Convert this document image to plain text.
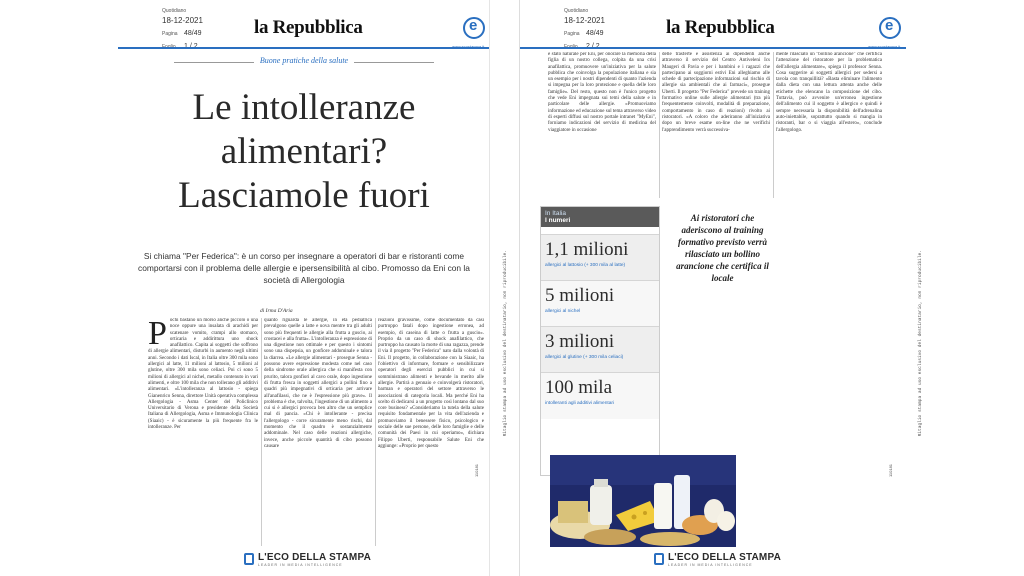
Quotidiano
18-12-2021
Pagina 48/49	la Repubblica
e
Buone pratiche della salute
Le intolleranze
alimentari?
Lasciamole fuori
Si chiama "Per Federica": è un corso per insegnare a operatori di bar e ristoranti come comportarsi con il problema delle allergie e ipersensibilità al cibo. Promosso da Eni con la società di Allergologia
di Irma D'Aria
Pochi bastano un morso anche piccolo o una noce oppure una insalata di arachidi per scatenare vomito, crampi allo stomaco, orticaria e addirittura uno shock anafilattico. Capita ai soggetti che soffrono di allergie alimentari, disturbi in aumento negli ultimi anni. Secondo i dati Iscal, in Italia oltre 300 mila sono allergici al latte, 11 milioni al lattosio, 5 milioni al glutine, oltre 300 mila sono celiaci. Poi ci sono 5 milioni di allergici al nichel, metallo contenuto in vari alimenti, e oltre 100 mila che non tollerano gli additivi alimentari. «L'intolleranza al lattosio - spiega Gianenrico Senna, direttore Unità operativa complessa Allergologia - Asma Center del Policlinico Universitario di Verona e presidente della Società Italiana di Allergologia, Asma e Immunologia Clinica (Siaaic) - è sicuramente la più frequente fra le intolleranze. Per
quanto riguarda le allergie, in età pediatrica prevalgono quelle a latte e uova mentre tra gli adulti sono più frequenti le allergie alla frutta a guscio, ai crostacei e alla frutta». L'intolleranza è espressione di una digestione non ottimale e per questo i sintomi sono una dispepsia, un gonfiore addominale e talora la diarrea. «Le allergie alimentari - prosegue Senna - possono avere espressione modesta come nel caso della sindrome orale allergica che si manifesta con prurito, talora gonfiori al cavo orale, dopo ingestione di frutta fresca in soggetti allergici a pollini fino a quadri più impegnativi di orticaria per arrivare all'anafilassi, che ne è l'espressione più grave». Il problema è che, talvolta, l'ingestione di un alimento a cui si è allergici provoca ben altro che un semplice mal di pancia. «Chi è intollerante - precisa l'allergologo - corre sicuramente meno rischi, dal momento che il quadro è sostanzialmente addominale. Nel caso delle reazioni allergiche, invece, anche piccole quantità di cibo possono causare
reazioni gravissime, come documentato da casi purtroppo fatali dopo ingestione erronea, ad esempio, di caseina di latte o frutta a guscio». Proprio da un caso di shock anafilattico, che purtroppo ha causato la morte di una ragazza, prende il via il progetto "Per Federica" nato dalla volontà di Eni. Il progetto, in collaborazione con la Siaaic, ha l'obiettivo di informare, formare e sensibilizzare operatori degli esercizi pubblici in cui si somministrano alimenti e bevande in merito alle allergie. Partirà a gennaio e coinvolgerà ristoratori, barman e operatori del settore attraverso le associazioni di categoria locali. Ma perché Eni ha scelto di dedicarsi a un progetto così lontano dal suo core business? «Consideriamo la tutela della salute requisito fondamentale per la vita dell'azienda e promuoviamo il benessere fisico, psicologico e sociale delle sue persone, delle loro famiglie e delle comunità dei Paesi in cui operiamo», dichiara Filippo Uberti, responsabile Salute Eni che aggiunge: «Proprio per questo
110181
L'ECO DELLA STAMPA
LEADER IN MEDIA INTELLIGENCE
Ritaglio stampa ad uso esclusivo del destinatario, non riproducibile.
Quotidiano
18-12-2021
Pagina 48/49	la Repubblica
e
è stato naturale per Eni, per onorare la memoria della figlia di un nostro collega, colpita da una crisi anafilattica, promuovere un'iniziativa per la salute pubblica che coinvolga la popolazione italiana e sia un esempio per i nostri dipendenti di quanto l'azienda si impegna per la loro protezione e quella delle loro famiglie». Del resto, questo non è l'unico progetto che vede Eni impegnata sui temi della salute e in particolare delle allergie. «Promuoviamo informazione ed educazione sul tema attraverso video di esperti diffusi sul nostro portale intranet "MyEni", forniamo indicazioni del servizio di medicina del viaggiatore in occasione
delle trasferte e assistenza ai dipendenti anche attraverso il servizio del Centro Antiveleni Ics Maugeri di Pavia e per i bambini e i ragazzi che partecipano ai soggiorni estivi Eni alleghiamo alle schede di partecipazione informazioni sul rischio di allergie sia ambientali che ai farmaci», prosegue Uberti. Il progetto "Per Federica" prevede un training formativo online sulle allergie alimentari (tra più frequentemente coinvolti, modalità di preparazione, comportamento in caso di reazioni) rivolto ai ristoratori. «A coloro che aderiranno all'iniziativa dopo un breve esame on-line che ne verifichi l'apprendimento verrà successiva-
mente rilasciato un "bollino arancione" che certifica l'attenzione del ristoratore per la problematica dell'allergia alimentare», spiega il professor Senna. Cosa suggerire ai soggetti allergici per sedersi a tavola con tranquillità? «Basta eliminare l'alimento dalla dieta con una lettura attenta anche delle etichette che elencano la composizione del cibo. Tuttavia, può avvenire un'erronea ingestione dell'alimento cui il soggetto è allergico e quindi è sempre necessaria la disponibilità dell'adrenalina auto-iniettabile, soprattutto quando si mangia in ristoranti, bar o si viaggia all'estero», conclude l'allergologo.
In Italia
I numeri
1,1 milioni
allergici al lattosio (+ 300 mila al latte)
5 milioni
allergici al nichel
3 milioni
allergici al glutine (+ 300 mila celiaci)
100 mila
intolleranti agli additivi alimentari
Ai ristoratori che aderiscono al training formativo previsto verrà rilasciato un bollino arancione che certifica il locale
110181
L'ECO DELLA STAMPA
LEADER IN MEDIA INTELLIGENCE
Ritaglio stampa ad uso esclusivo del destinatario, non riproducibile.
